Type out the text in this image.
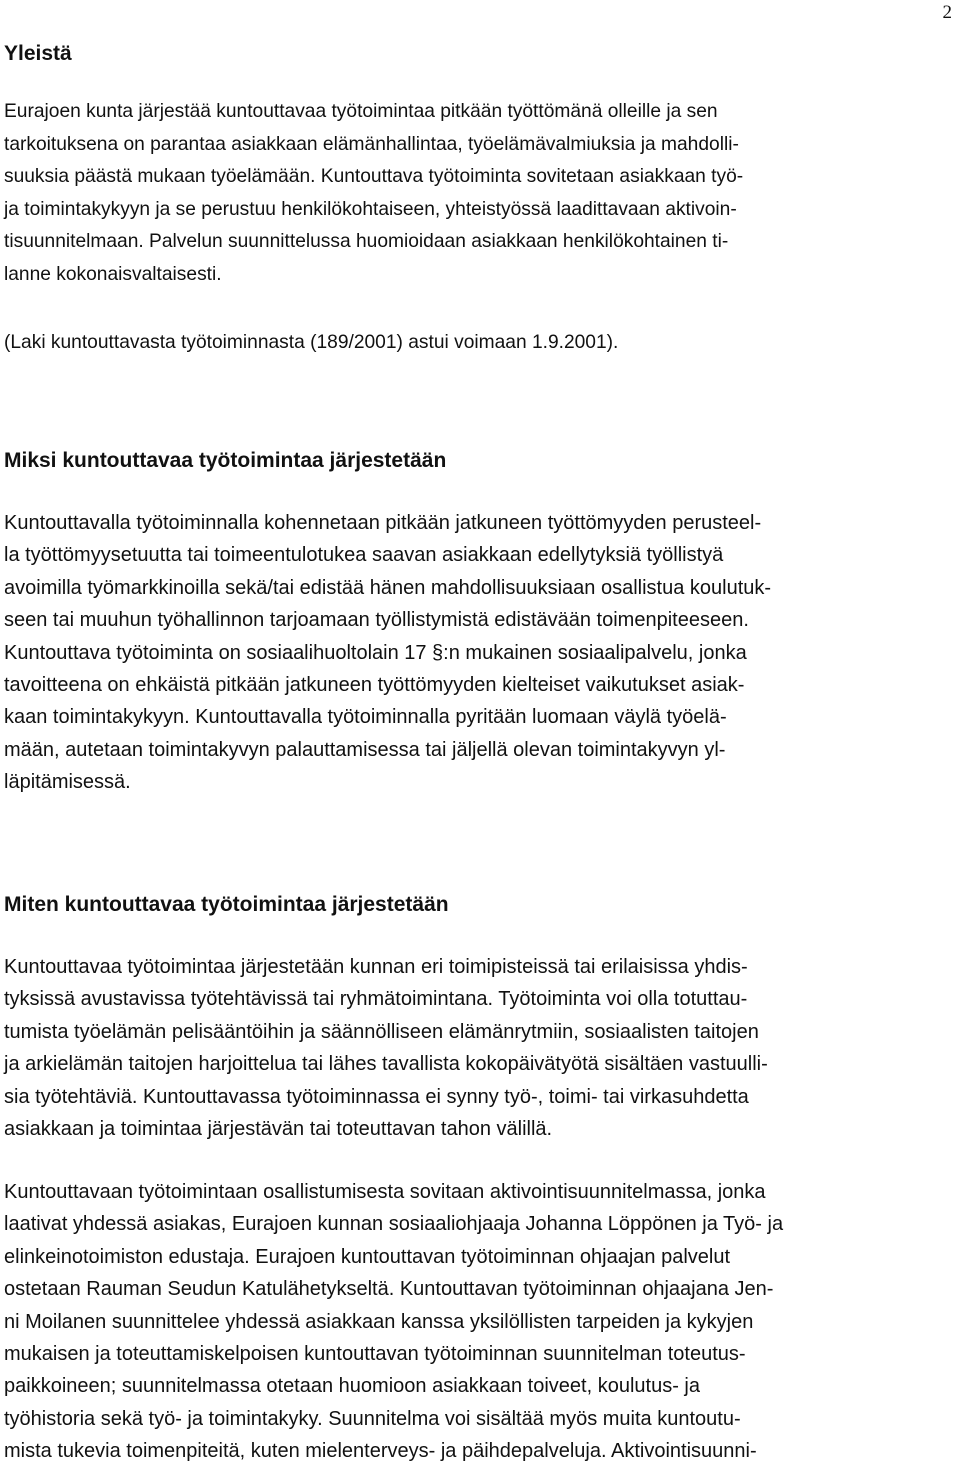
2
Yleistä
Eurajoen kunta järjestää kuntouttavaa työtoimintaa pitkään työttömänä olleille ja sen
tarkoituksena on parantaa asiakkaan elämänhallintaa, työelämävalmiuksia ja mahdolli-
suuksia päästä mukaan työelämään. Kuntouttava työtoiminta sovitetaan asiakkaan työ-
ja toimintakykyyn ja se perustuu henkilökohtaiseen, yhteistyössä laadittavaan aktivoin-
tisuunnitelmaan. Palvelun suunnittelussa huomioidaan asiakkaan henkilökohtainen ti-
lanne kokonaisvaltaisesti.
(Laki kuntouttavasta työtoiminnasta (189/2001) astui voimaan 1.9.2001).
Miksi kuntouttavaa työtoimintaa järjestetään
Kuntouttavalla työtoiminnalla kohennetaan pitkään jatkuneen työttömyyden perusteel-
la työttömyysetuutta tai toimeentulotukea saavan asiakkaan edellytyksiä työllistyä
avoimilla työmarkkinoilla sekä/tai edistää hänen mahdollisuuksiaan osallistua koulutuk-
seen tai muuhun työhallinnon tarjoamaan työllistymistä edistävään toimenpiteeseen.
Kuntouttava työtoiminta on sosiaalihuoltolain 17 §:n mukainen sosiaalipalvelu, jonka
tavoitteena on ehkäistä pitkään jatkuneen työttömyyden kielteiset vaikutukset asiak-
kaan toimintakykyyn. Kuntouttavalla työtoiminnalla pyritään luomaan väylä työelä-
mään, autetaan toimintakyvyn palauttamisessa tai jäljellä olevan toimintakyvyn yl-
läpitämisessä.
Miten kuntouttavaa työtoimintaa järjestetään
Kuntouttavaa työtoimintaa järjestetään kunnan eri toimipisteissä tai erilaisissa yhdis-
tyksissä avustavissa työtehtävissä tai ryhmätoimintana. Työtoiminta voi olla totuttau-
tumista työelämän pelisääntöihin ja säännölliseen elämänrytmiin, sosiaalisten taitojen
ja arkielämän taitojen harjoittelua tai lähes tavallista kokopäivätyötä sisältäen vastuulli-
sia työtehtäviä. Kuntouttavassa työtoiminnassa ei synny työ-, toimi- tai virkasuhdetta
asiakkaan ja toimintaa järjestävän tai toteuttavan tahon välillä.
Kuntouttavaan työtoimintaan osallistumisesta sovitaan aktivointisuunnitelmassa, jonka
laativat yhdessä asiakas, Eurajoen kunnan sosiaaliohjaaja Johanna Löppönen ja Työ- ja
elinkeinotoimiston edustaja. Eurajoen kuntouttavan työtoiminnan ohjaajan palvelut
ostetaan Rauman Seudun Katulähetykseltä. Kuntouttavan työtoiminnan ohjaajana Jen-
ni Moilanen suunnittelee yhdessä asiakkaan kanssa yksilöllisten tarpeiden ja kykyjen
mukaisen ja toteuttamiskelpoisen kuntouttavan työtoiminnan suunnitelman toteutus-
paikkoineen; suunnitelmassa otetaan huomioon asiakkaan toiveet, koulutus- ja
työhistoria sekä työ- ja toimintakyky. Suunnitelma voi sisältää myös muita kuntoutu-
mista tukevia toimenpiteitä, kuten mielenterveys- ja päihdepalveluja. Aktivointisuunni-
